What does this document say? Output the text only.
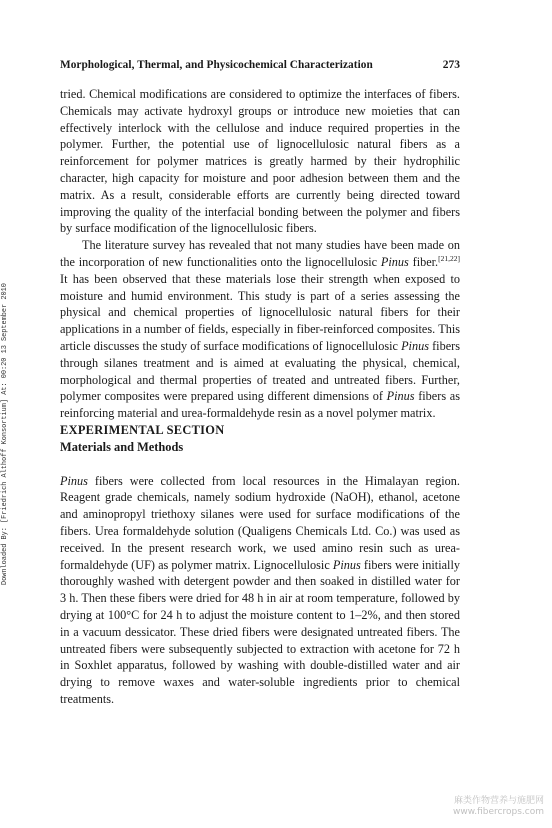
Morphological, Thermal, and Physicochemical Characterization	273
Downloaded By: [Friedrich Althoff Konsortium] At: 00:20 13 September 2010

tried. Chemical modifications are considered to optimize the interfaces of fibers. Chemicals may activate hydroxyl groups or introduce new moieties that can effectively interlock with the cellulose and induce required properties in the polymer. Further, the potential use of lignocellulosic natural fibers as a reinforcement for polymer matrices is greatly harmed by their hydrophilic character, high capacity for moisture and poor adhesion between them and the matrix. As a result, considerable efforts are currently being directed toward improving the quality of the interfacial bonding between the polymer and fibers by surface modification of the lignocellulosic fibers.

The literature survey has revealed that not many studies have been made on the incorporation of new functionalities onto the lignocellulosic Pinus fiber.[21,22] It has been observed that these materials lose their strength when exposed to moisture and humid environment. This study is part of a series assessing the physical and chemical properties of lignocellulosic natural fibers for their applications in a number of fields, especially in fiber-reinforced composites. This article discusses the study of surface modifications of lignocellulosic Pinus fibers through silanes treatment and is aimed at evaluating the physical, chemical, morphological and thermal properties of treated and untreated fibers. Further, polymer composites were prepared using different dimensions of Pinus fibers as reinforcing material and urea-formaldehyde resin as a novel polymer matrix.

EXPERIMENTAL SECTION

Materials and Methods

Pinus fibers were collected from local resources in the Himalayan region. Reagent grade chemicals, namely sodium hydroxide (NaOH), ethanol, acetone and aminopropyl triethoxy silanes were used for surface modifications of the fibers. Urea formaldehyde solution (Qualigens Chemicals Ltd. Co.) was used as received. In the present research work, we used amino resin such as urea-formaldehyde (UF) as polymer matrix. Lignocellulosic Pinus fibers were initially thoroughly washed with detergent powder and then soaked in distilled water for 3 h. Then these fibers were dried for 48 h in air at room temperature, followed by drying at 100°C for 24 h to adjust the moisture content to 1–2%, and then stored in a vacuum dessicator. These dried fibers were designated untreated fibers. The untreated fibers were subsequently subjected to extraction with acetone for 72 h in Soxhlet apparatus, followed by washing with double-distilled water and air drying to remove waxes and water-soluble ingredients prior to chemical treatments.

麻类作物营养与施肥网
www.fibercrops.com
